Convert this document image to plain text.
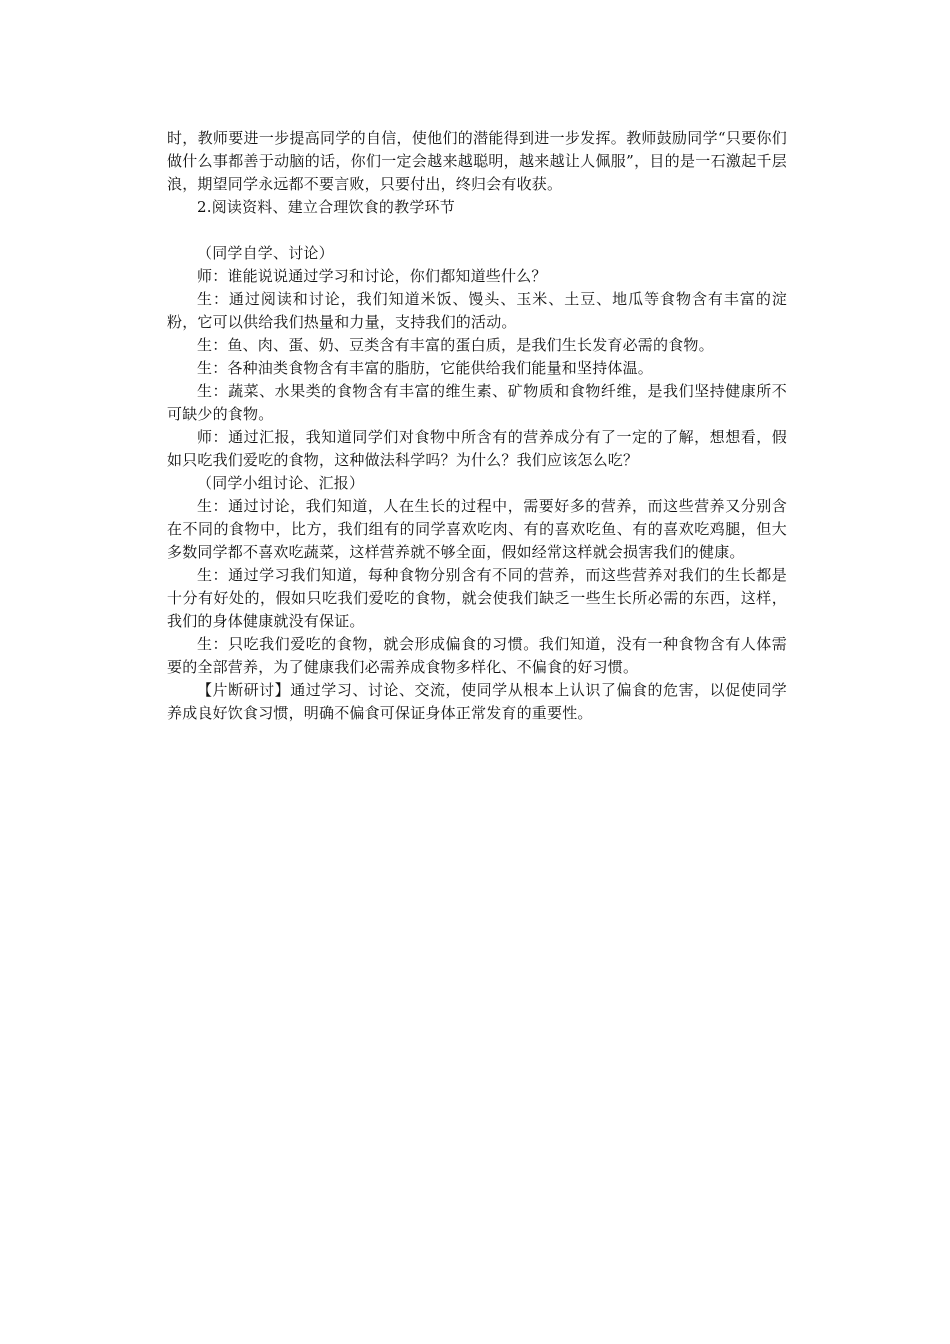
时，教师要进一步提高同学的自信，使他们的潜能得到进一步发挥。教师鼓励同学“只要你们做什么事都善于动脑的话，你们一定会越来越聪明，越来越让人佩服”，目的是一石激起千层浪，期望同学永远都不要言败，只要付出，终归会有收获。

2.阅读资料、建立合理饮食的教学环节

（同学自学、讨论）

师：谁能说说通过学习和讨论，你们都知道些什么？

生：通过阅读和讨论，我们知道米饭、馒头、玉米、土豆、地瓜等食物含有丰富的淀粉，它可以供给我们热量和力量，支持我们的活动。

生：鱼、肉、蛋、奶、豆类含有丰富的蛋白质，是我们生长发育必需的食物。

生：各种油类食物含有丰富的脂肪，它能供给我们能量和坚持体温。

生：蔬菜、水果类的食物含有丰富的维生素、矿物质和食物纤维，是我们坚持健康所不可缺少的食物。

师：通过汇报，我知道同学们对食物中所含有的营养成分有了一定的了解，想想看，假如只吃我们爱吃的食物，这种做法科学吗？为什么？我们应该怎么吃？

（同学小组讨论、汇报）

生：通过讨论，我们知道，人在生长的过程中，需要好多的营养，而这些营养又分别含在不同的食物中，比方，我们组有的同学喜欢吃肉、有的喜欢吃鱼、有的喜欢吃鸡腿，但大多数同学都不喜欢吃蔬菜，这样营养就不够全面，假如经常这样就会损害我们的健康。

生：通过学习我们知道，每种食物分别含有不同的营养，而这些营养对我们的生长都是十分有好处的，假如只吃我们爱吃的食物，就会使我们缺乏一些生长所必需的东西，这样，我们的身体健康就没有保证。

生：只吃我们爱吃的食物，就会形成偏食的习惯。我们知道，没有一种食物含有人体需要的全部营养，为了健康我们必需养成食物多样化、不偏食的好习惯。

【片断研讨】通过学习、讨论、交流，使同学从根本上认识了偏食的危害，以促使同学养成良好饮食习惯，明确不偏食可保证身体正常发育的重要性。
